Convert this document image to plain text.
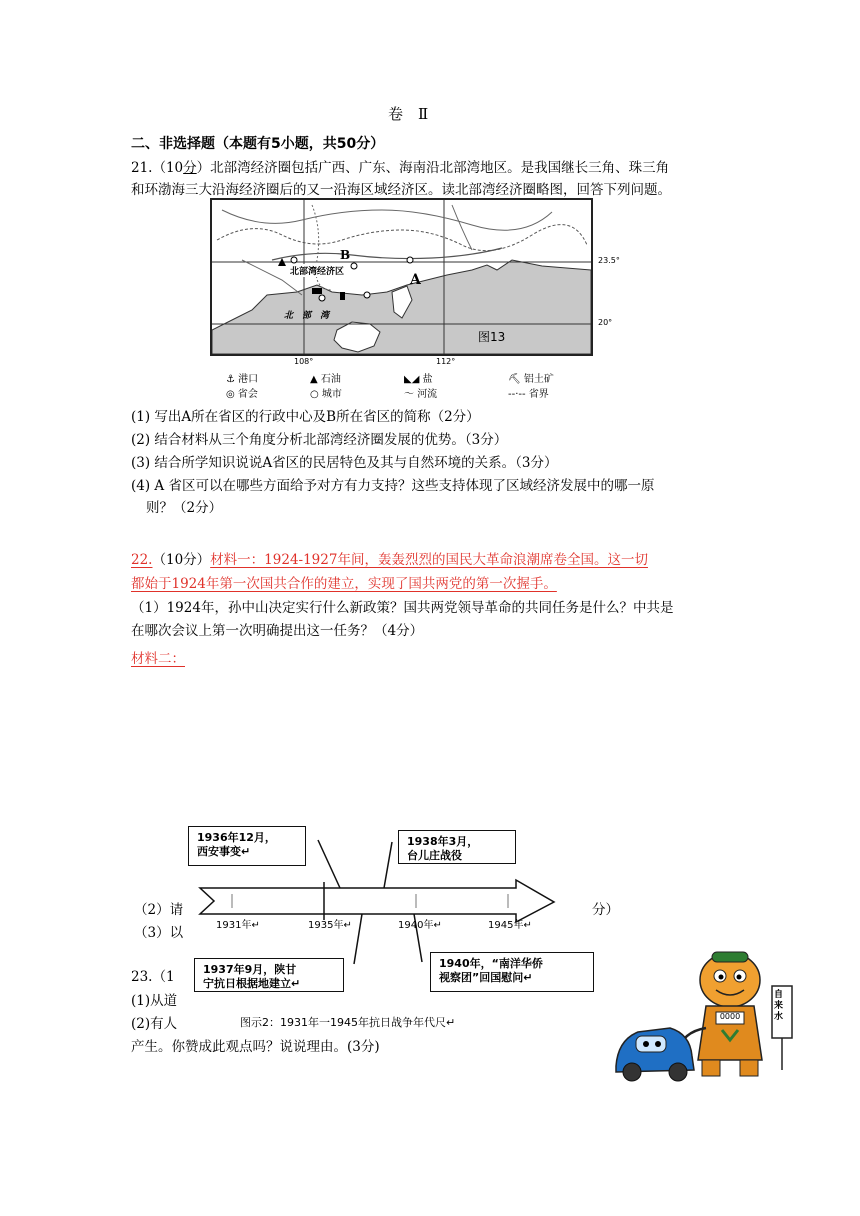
卷　Ⅱ
二、非选择题（本题有5小题，共50分）
21.（10分）北部湾经济圈包括广西、广东、海南沿北部湾地区。是我国继长三角、珠三角
和环渤海三大沿海经济圈后的又一沿海区域经济区。读北部湾经济圈略图，回答下列问题。
北部湾经济区
B
A
北　部　湾
图13
23.5°
20°
108°	112°
⚓ 港口	▲ 石油	◣◢ 盐	⛏ 铝土矿
◎ 省会	○ 城市	〜 河流	--·-- 省界
(1) 写出A所在省区的行政中心及B所在省区的简称（2分）
(2) 结合材料从三个角度分析北部湾经济圈发展的优势。（3分）
(3) 结合所学知识说说A省区的民居特色及其与自然环境的关系。（3分）
(4) A 省区可以在哪些方面给予对方有力支持？这些支持体现了区域经济发展中的哪一原
则？（2分）
22.（10分）材料一：1924-1927年间，轰轰烈烈的国民大革命浪潮席卷全国。这一切
都始于1924年第一次国共合作的建立，实现了国共两党的第一次握手。
（1）1924年，孙中山决定实行什么新政策？国共两党领导革命的共同任务是什么？中共是
在哪次会议上第一次明确提出这一任务？（4分）
材料二：
（2）请	分）
（3）以
23.（1
(1)从道
(2)有人
产生。你赞成此观点吗？说说理由。(3分)
1936年12月，
西安事变↵
1938年3月，
台儿庄战役
1937年9月，陕甘
宁抗日根据地建立↵
1940年，“南洋华侨
视察团”回国慰问↵
1931年↵	1935年↵	1940年↵	1945年↵
图示2：1931年一1945年抗日战争年代尺↵	0000
自来水
